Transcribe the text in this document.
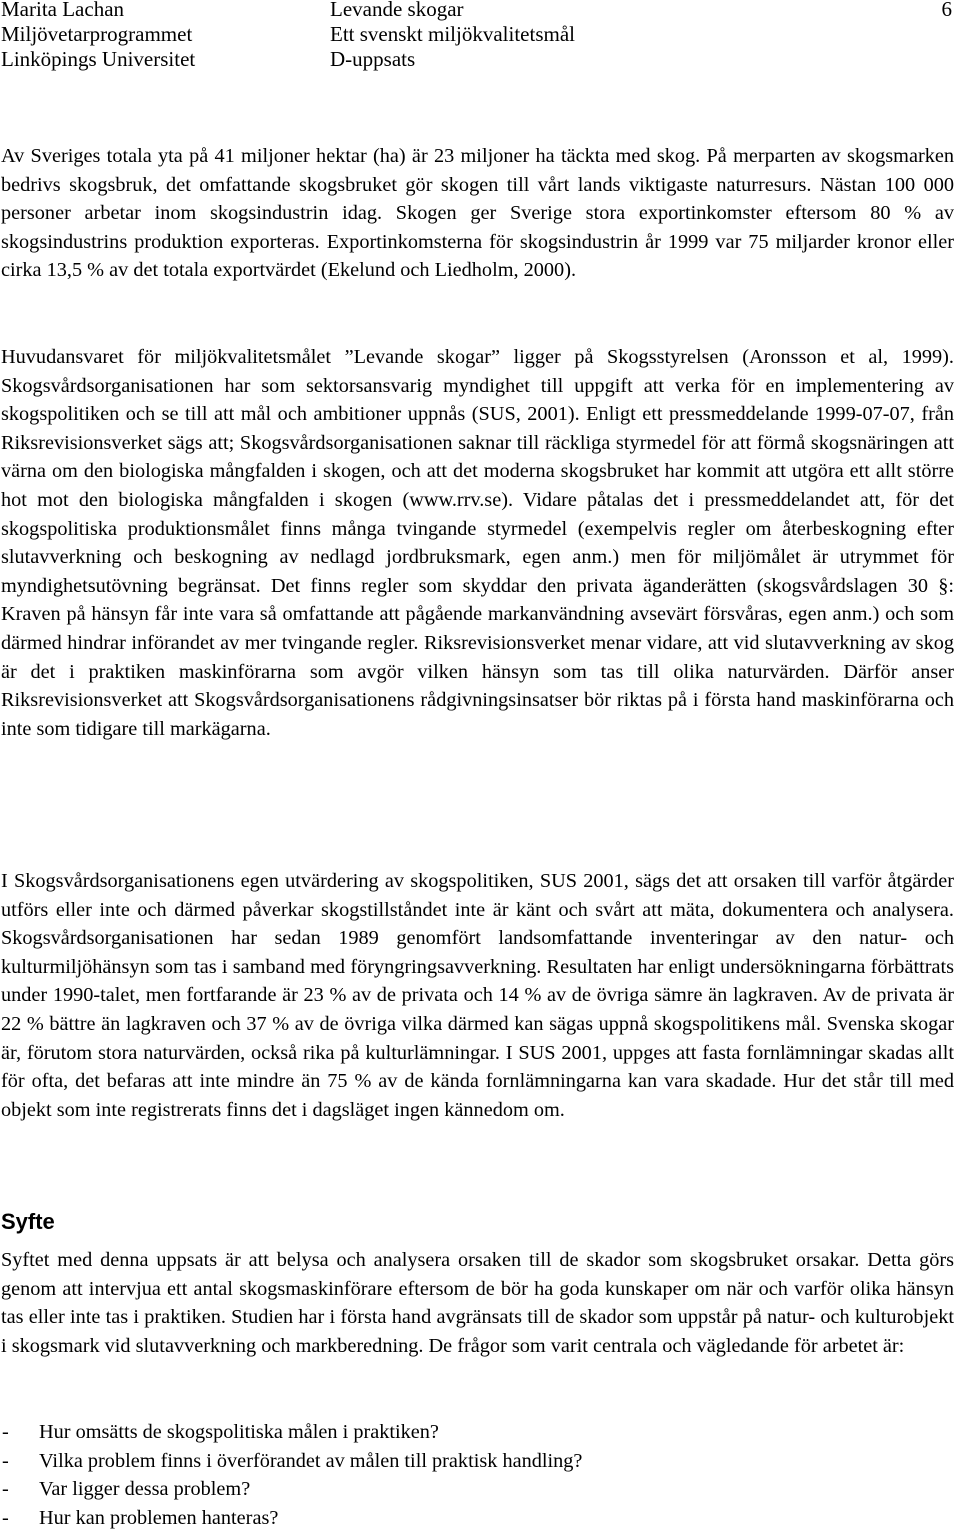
Marita Lachan
Miljövetarprogrammet
Linköpings Universitet
Levande skogar
Ett svenskt miljökvalitetsmål
D-uppsats
6

Av Sveriges totala yta på 41 miljoner hektar (ha) är 23 miljoner ha täckta med skog. På merparten av skogsmarken bedrivs skogsbruk, det omfattande skogsbruket gör skogen till vårt lands viktigaste naturresurs. Nästan 100 000 personer arbetar inom skogsindustrin idag. Skogen ger Sverige stora exportinkomster eftersom 80 % av skogsindustrins produktion exporteras. Exportinkomsterna för skogsindustrin år 1999 var 75 miljarder kronor eller cirka 13,5 % av det totala exportvärdet (Ekelund och Liedholm, 2000).

Huvudansvaret för miljökvalitetsmålet ”Levande skogar” ligger på Skogsstyrelsen (Aronsson et al, 1999). Skogsvårdsorganisationen har som sektorsansvarig myndighet till uppgift att verka för en implementering av skogspolitiken och se till att mål och ambitioner uppnås (SUS, 2001). Enligt ett pressmeddelande 1999-07-07, från Riksrevisionsverket sägs att; Skogsvårdsorganisationen saknar till räckliga styrmedel för att förmå skogsnäringen att värna om den biologiska mångfalden i skogen, och att det moderna skogsbruket har kommit att utgöra ett allt större hot mot den biologiska mångfalden i skogen (www.rrv.se). Vidare påtalas det i pressmeddelandet att, för det skogspolitiska produktionsmålet finns många tvingande styrmedel (exempelvis regler om återbeskogning efter slutavverkning och beskogning av nedlagd jordbruksmark, egen anm.) men för miljömålet är utrymmet för myndighetsutövning begränsat. Det finns regler som skyddar den privata äganderätten (skogsvårdslagen 30 §: Kraven på hänsyn får inte vara så omfattande att pågående markanvändning avsevärt försvåras, egen anm.) och som därmed hindrar införandet av mer tvingande regler. Riksrevisionsverket menar vidare, att vid slutavverkning av skog är det i praktiken maskinförarna som avgör vilken hänsyn som tas till olika naturvärden. Därför anser Riksrevisionsverket att Skogsvårdsorganisationens rådgivningsinsatser bör riktas på i första hand maskinförarna och inte som tidigare till markägarna.

I Skogsvårdsorganisationens egen utvärdering av skogspolitiken, SUS 2001, sägs det att orsaken till varför åtgärder utförs eller inte och därmed påverkar skogstillståndet inte är känt och svårt att mäta, dokumentera och analysera. Skogsvårdsorganisationen har sedan 1989 genomfört landsomfattande inventeringar av den natur- och kulturmiljöhänsyn som tas i samband med föryngringsavverkning. Resultaten har enligt undersökningarna förbättrats under 1990-talet, men fortfarande är 23 % av de privata och 14 % av de övriga sämre än lagkraven. Av de privata är 22 % bättre än lagkraven och 37 % av de övriga vilka därmed kan sägas uppnå skogspolitikens mål. Svenska skogar är, förutom stora naturvärden, också rika på kulturlämningar. I SUS 2001, uppges att fasta fornlämningar skadas allt för ofta, det befaras att inte mindre än 75 % av de kända fornlämningarna kan vara skadade. Hur det står till med objekt som inte registrerats finns det i dagsläget ingen kännedom om.

Syfte

Syftet med denna uppsats är att belysa och analysera orsaken till de skador som skogsbruket orsakar. Detta görs genom att intervjua ett antal skogsmaskinförare eftersom de bör ha goda kunskaper om när och varför olika hänsyn tas eller inte tas i praktiken. Studien har i första hand avgränsats till de skador som uppstår på natur- och kulturobjekt i skogsmark vid slutavverkning och markberedning. De frågor som varit centrala och vägledande för arbetet är:

- Hur omsätts de skogspolitiska målen i praktiken?
- Vilka problem finns i överförandet av målen till praktisk handling?
- Var ligger dessa problem?
- Hur kan problemen hanteras?
